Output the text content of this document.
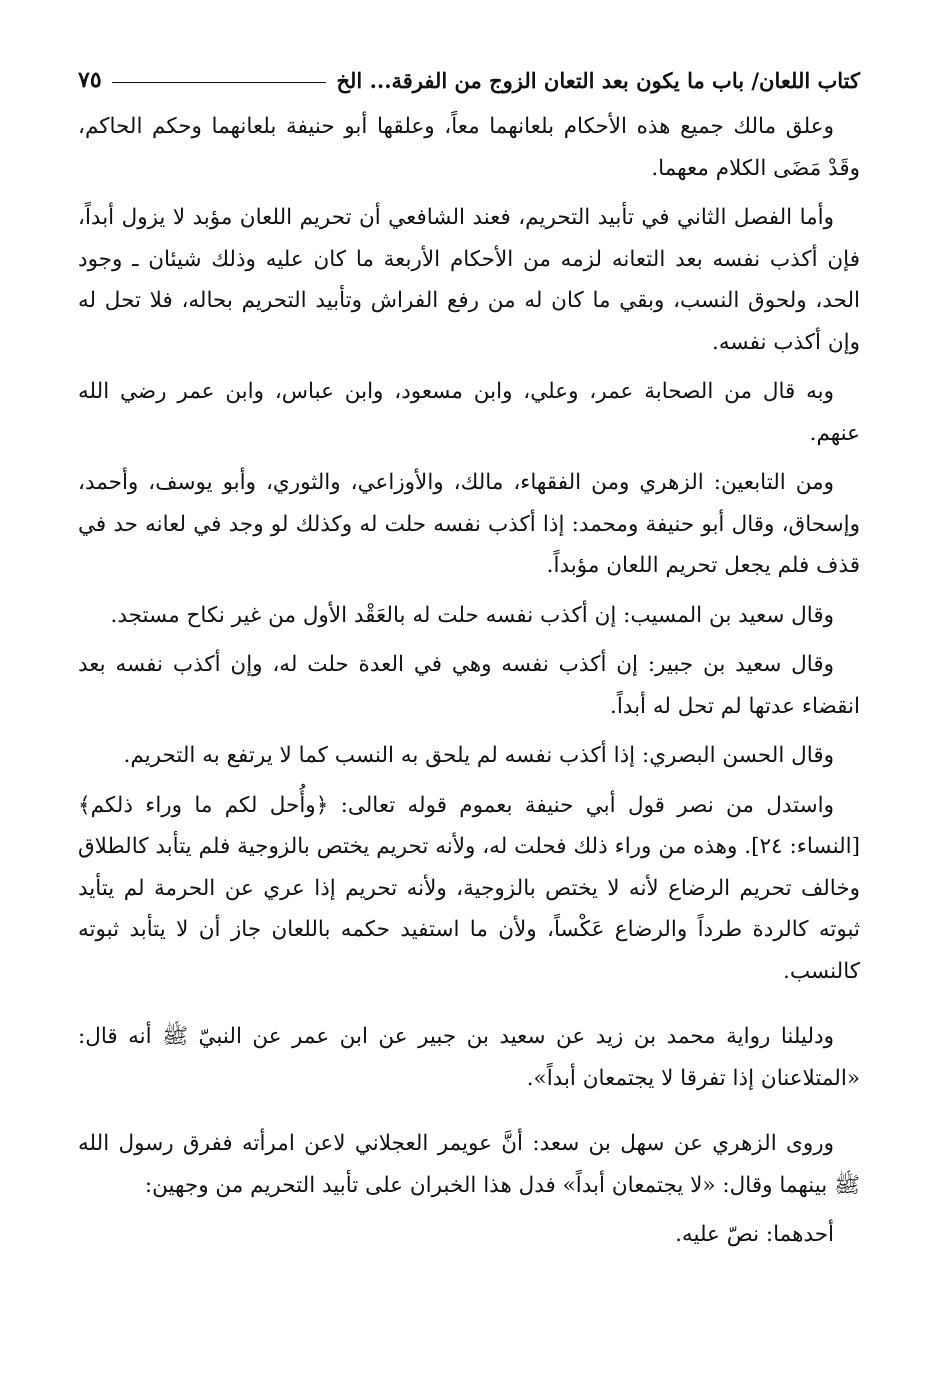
كتاب اللعان/ باب ما يكون بعد التعان الزوج من الفرقة... الخ
٧٥

وعلق مالك جميع هذه الأحكام بلعانهما معاً، وعلقها أبو حنيفة بلعانهما وحكم الحاكم، وقَدْ مَضَى الكلام معهما.

وأما الفصل الثاني في تأبيد التحريم، فعند الشافعي أن تحريم اللعان مؤبد لا يزول أبداً، فإن أكذب نفسه بعد التعانه لزمه من الأحكام الأربعة ما كان عليه وذلك شيئان ـ وجود الحد، ولحوق النسب، وبقي ما كان له من رفع الفراش وتأبيد التحريم بحاله، فلا تحل له وإن أكذب نفسه.

وبه قال من الصحابة عمر، وعلي، وابن مسعود، وابن عباس، وابن عمر رضي الله عنهم.

ومن التابعين: الزهري ومن الفقهاء، مالك، والأوزاعي، والثوري، وأبو يوسف، وأحمد، وإسحاق، وقال أبو حنيفة ومحمد: إذا أكذب نفسه حلت له وكذلك لو وجد في لعانه حد في قذف فلم يجعل تحريم اللعان مؤبداً.

وقال سعيد بن المسيب: إن أكذب نفسه حلت له بالعَقْد الأول من غير نكاح مستجد.

وقال سعيد بن جبير: إن أكذب نفسه وهي في العدة حلت له، وإن أكذب نفسه بعد انقضاء عدتها لم تحل له أبداً.

وقال الحسن البصري: إذا أكذب نفسه لم يلحق به النسب كما لا يرتفع به التحريم.

واستدل من نصر قول أبي حنيفة بعموم قوله تعالى: ﴿وأُحل لكم ما وراء ذلكم﴾ [النساء: ٢٤]. وهذه من وراء ذلك فحلت له، ولأنه تحريم يختص بالزوجية فلم يتأبد كالطلاق وخالف تحريم الرضاع لأنه لا يختص بالزوجية، ولأنه تحريم إذا عري عن الحرمة لم يتأيد ثبوته كالردة طرداً والرضاع عَكْساً، ولأن ما استفيد حكمه باللعان جاز أن لا يتأبد ثبوته كالنسب.

ودليلنا رواية محمد بن زيد عن سعيد بن جبير عن ابن عمر عن النبيّ ﷺ أنه قال: «المتلاعنان إذا تفرقا لا يجتمعان أبداً».

وروى الزهري عن سهل بن سعد: أنَّ عويمر العجلاني لاعن امرأته ففرق رسول الله ﷺ بينهما وقال: «لا يجتمعان أبداً» فدل هذا الخبران على تأبيد التحريم من وجهين:

أحدهما: نصّ عليه.
